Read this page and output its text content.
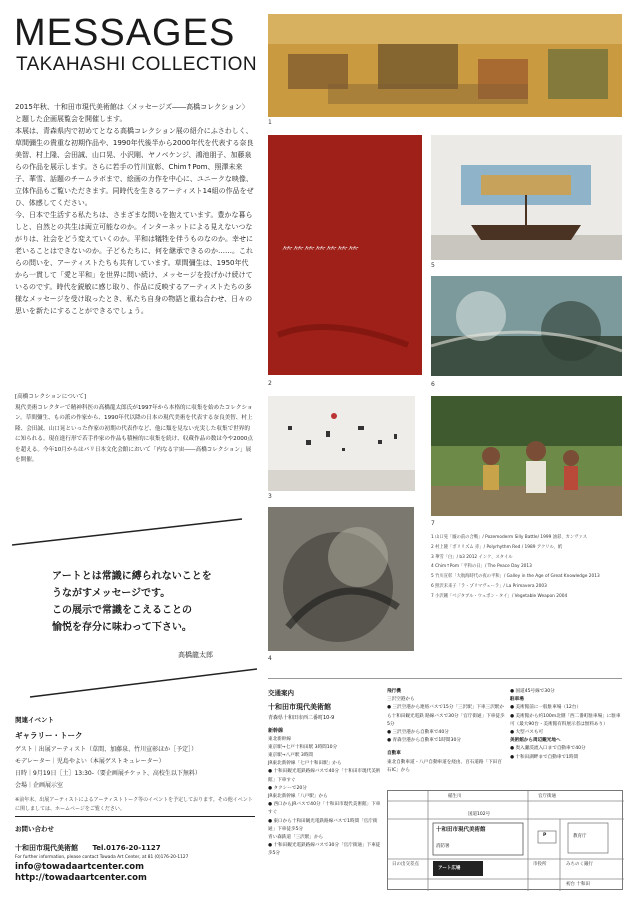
MESSAGES
TAKAHASHI COLLECTION

2015年秋、十和田市現代美術館は〈メッセージズ――高橋コレクション〉と題した企画展覧会を開催します。

本展は、青森県内で初めてとなる高橋コレクション展の紹介にふさわしく、草間彌生の貴重な初期作品や、1990年代後半から2000年代を代表する奈良美智、村上隆、会田誠、山口晃、小沢剛、ヤノベケンジ、鴻池朋子、加藤泉らの作品を展示します。さらに若手の竹川宣彰、Chim↑Pom、照澤未来子、華雪、話題のチームラボまで、絵画の力作を中心に、ユニークな映像、立体作品もご覧いただきます。同時代を生きるアーティスト14組の作品をぜひ、体感してください。

今、日本で生活する私たちは、さまざまな問いを抱えています。豊かな暮らしと、自然との共生は両立可能なのか。インターネットによる見えないつながりは、社会をどう変えていくのか。平和は犠牲を伴うものなのか。幸せに老いることはできないのか。子どもたちに、何を継承できるのか……。これらの問いを、アーティストたちも共有しています。草間彌生は、1950年代から一貫して「愛と平和」を世界に問い続け、メッセージを投げかけ続けているのです。時代を鋭敏に感じ取り、作品に反映するアーティストたちの多様なメッセージを受け取ったとき、私たち自身の物語と重ね合わせ、日々の思いを新たにすることができるでしょう。

[高橋コレクションについて]

現代美術コレクターで精神科医の高橋龍太郎氏が1997年から本格的に収集を始めたコレクション。草間彌生、もの派の作家から、1990年代以降の日本の現代美術を代表する奈良美智、村上隆、会田誠、山口晃といった作家の初期の代表作など、他に類を見ない充実した収集で世界的に知られる。現在進行形で若手作家の作品も積極的に収集を続け、収蔵作品の数は今や2000点を超える。今年10月からはパリ日本文化会館において「内なる宇宙――高橋コレクション」展を開催。

アートとは常識に縛られないことを
うながすメッセージです。
この展示で常識をこえることの
愉悦を存分に味わって下さい。
高橋龍太郎
関連イベント
ギャラリー・トーク
ゲスト｜出展アーティスト（草間、加藤泉、竹川宣彰ほか［予定］）
モデレーター｜児島やよい（本展ゲストキュレーター）
日時｜9月19日［土］13:30-（要企画展チケット、高校生以下無料）
会場｜企画展示室
※前年末、出展アーティストによるアーティストトーク等のイベントを予定しております。その他イベントに関しましては、ホームページをご覧ください。
お問い合わせ
十和田市現代美術館 Tel.0176-20-1127
For further information, please contact Towada Art Center, at 81 (0)176-20-1127
info@towadaartcenter.com
http://towadaartcenter.com
1
⺮⺮⺮⺮⺮⺮⺮
2
3
4
5
6
7
1 山口晃「厩の前の合戦」/ Pozemoderm Silly Battle/ 1999 油彩、カンヴァス
2 村上隆「ポリリズム 赤」/ Polyrhythm Red / 1989 アクリル、紙
3 華雪「白」/ b3 2012 インク、スタイル
4 Chim↑Pom「平和の日」/ The Peace Day 2013
5 竹川宣彰「大航海時代の夜の平和」/ Galley in the Age of Great Knowledge 2013
6 照沢未来子「ラ・プリマヴェーラ」/ La Primavera 2003
7 小沢剛「ベジタブル・ウェポン・タイ」/ Vegetable Weapon 2004
交通案内
十和田市現代美術館
青森県十和田市西二番町10-9
新幹線
東北新幹線
東京駅→七戸十和田駅 3時間10分
東京駅→八戸駅 3時間
JR東北新幹線「七戸十和田駅」から
● 十和田観光電鉄路線バスで40分「十和田市現代美術館」下車すぐ
● タクシーで20分
JR東北新幹線「八戸駅」から
● 西口からJRバスで40分「十和田市現代美術館」下車すぐ
● 東口から十和田観光電鉄路線バスで1時間「官庁街通」下車徒歩5分
青い森鉄道「三沢駅」から
● 十和田観光電鉄路線バスで30分「官庁街通」下車徒歩5分
飛行機
三沢空港から
● 三沢空港から連絡バスで15分「三沢駅」下車三沢駅から十和田観光電鉄 路線バスで30分「官庁街通」下車徒歩5分
● 三沢空港から自動車で40分
● 青森空港から自動車で1時間30分
自動車
東北自動車道・八戸自動車道を経由、百石道路「下田百石IC」から
● 国道45号線で30分
駐車場
● 美術館前に一般駐車場（12台）
● 美術館から約100m北側「西二番町駐車場」に駐車可（最大90台・美術館有料展示者は無料あり）
● 大型バスも可
美術館から周辺観光地へ
● 奥入瀬渓流入口まで自動車で40分
● 十和田湖畔まで自動車で1時間
稲生川	官庁街通
国道102号
十和田市現代美術館
消防署
アート広場
みちのく銀行
市役所
P	教育庁
日の出交差点
初台 十和田
